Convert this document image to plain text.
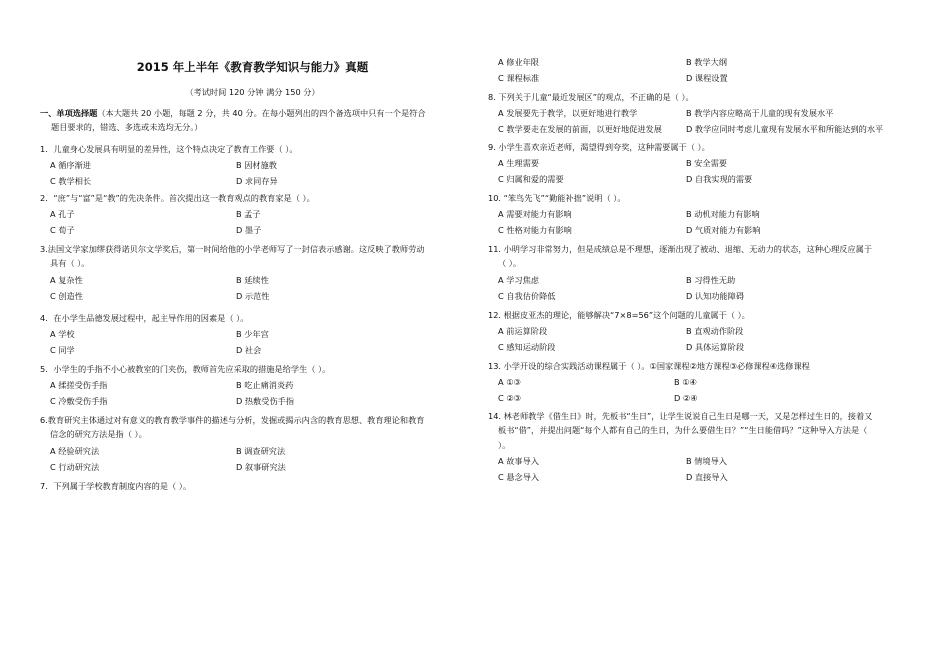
2015 年上半年《教育教学知识与能力》真题
（考试时间 120 分钟 满分 150 分）
一、单项选择题（本大题共 20 小题，每题 2 分，共 40 分。在每小题列出的四个备选项中只有一个是符合
题目要求的，错选、多选或未选均无分。）
1．儿童身心发展具有明显的差异性，这个特点决定了教育工作要（ ）。
A 循序渐进	B 因材施教
C 教学相长	D 求同存异
2．“庶”与“富”是“教”的先决条件。首次提出这一教育观点的教育家是（ ）。
A 孔子	B 孟子
C 荀子	D 墨子
3.法国文学家加缪获得诺贝尔文学奖后，第一时间给他的小学老师写了一封信表示感谢。这反映了教师劳动
具有（ ）。
A 复杂性	B 延续性
C 创造性	D 示范性
4．在小学生品德发展过程中，起主导作用的因素是（ ）。
A 学校	B 少年宫
C 同学	D 社会
5．小学生的手指不小心被教室的门夹伤，教师首先应采取的措施是给学生（ ）。
A 揉搓受伤手指	B 吃止痛消炎药
C 冷敷受伤手指	D 热敷受伤手指
6.教育研究主体通过对有意义的教育教学事件的描述与分析，发掘或揭示内含的教育思想、教育理论和教育
信念的研究方法是指（ ）。
A 经验研究法	B 调查研究法
C 行动研究法	D 叙事研究法
7．下列属于学校教育制度内容的是（ ）。
A 修业年限	B 教学大纲
C 课程标准	D 课程设置
8. 下列关于儿童“最近发展区”的观点，不正确的是（ ）。
A 发展要先于教学，以更好地进行教学	B 教学内容应略高于儿童的现有发展水平
C 教学要走在发展的前面，以更好地促进发展	D 教学应同时考虑儿童现有发展水平和所能达到的水平
9. 小学生喜欢亲近老师，渴望得到夸奖，这种需要属于（ ）。
A 生理需要	B 安全需要
C 归属和爱的需要	D 自我实现的需要
10. “笨鸟先飞”“勤能补拙”说明（ ）。
A 需要对能力有影响	B 动机对能力有影响
C 性格对能力有影响	D 气质对能力有影响
11. 小明学习非常努力，但是成绩总是不理想，逐渐出现了被动、退缩、无动力的状态，这种心理反应属于
（ ）。
A 学习焦虑	B 习得性无助
C 自我估价降低	D 认知功能障碍
12. 根据皮亚杰的理论，能够解决“7×8=56”这个问题的儿童属于（ ）。
A 前运算阶段	B 直观动作阶段
C 感知运动阶段	D 具体运算阶段
13. 小学开设的综合实践活动课程属于（ ）。①国家课程②地方课程③必修课程④选修课程
A ①③	B ①④
C ②③	D ②④
14. 林老师教学《借生日》时，先板书“生日”，让学生说说自己生日是哪一天，又是怎样过生日的，接着又
板书“借”，并提出问题“每个人都有自己的生日，为什么要借生日？”“生日能借吗？”这种导入方法是（
）。
A 故事导入	B 情境导入
C 悬念导入	D 直接导入
